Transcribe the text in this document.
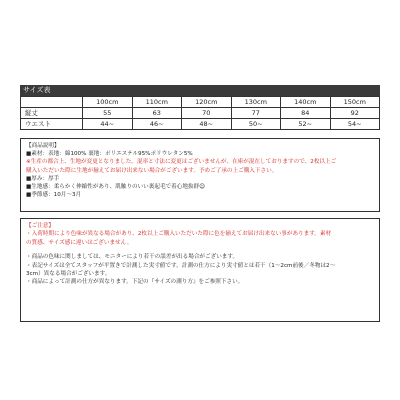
サイズ表
	100cm	110cm	120cm	130cm	140cm	150cm
縦丈	55	63	70	77	84	92
ウエスト	44~	46~	48~	50~	52~	54~
【商品説明】
■素材：表地：綿100% 裏地：ポリエステル95%ポリウレタン5%
※生産の都合上、生地が変更となりました。混率と寸法に変更はございませんが、在庫が混在しておりますので、2枚以上ご
購入いただいた際に生地が揃えてお届け出来ない場合がございます。予めご了承の上ご購入下さい。
■厚み：厚手
■生地感：柔らかく伸縮性があり、肌触りのいい裏起毛で着心地抜群☺
■季節感：10月～3月
【ご注意】
・入荷時期により色味が異なる場合があり、2枚以上ご購入いただいた際に色を揃えてお届け出来ない事があります。素材
の質感、サイズ感に違いはございません。
・商品の色味に関しましては、モニターにより若干の誤差が出る場合がございます。
・表記サイズは全てスタッフが平置きで計測した実寸値です。計測の仕方により実寸値とは若干（1～2cm前後／冬物は2～
3cm）異なる場合がございます。
・商品によって計測の仕方が異なります。下記の『サイズの測り方』をご参照下さい。
